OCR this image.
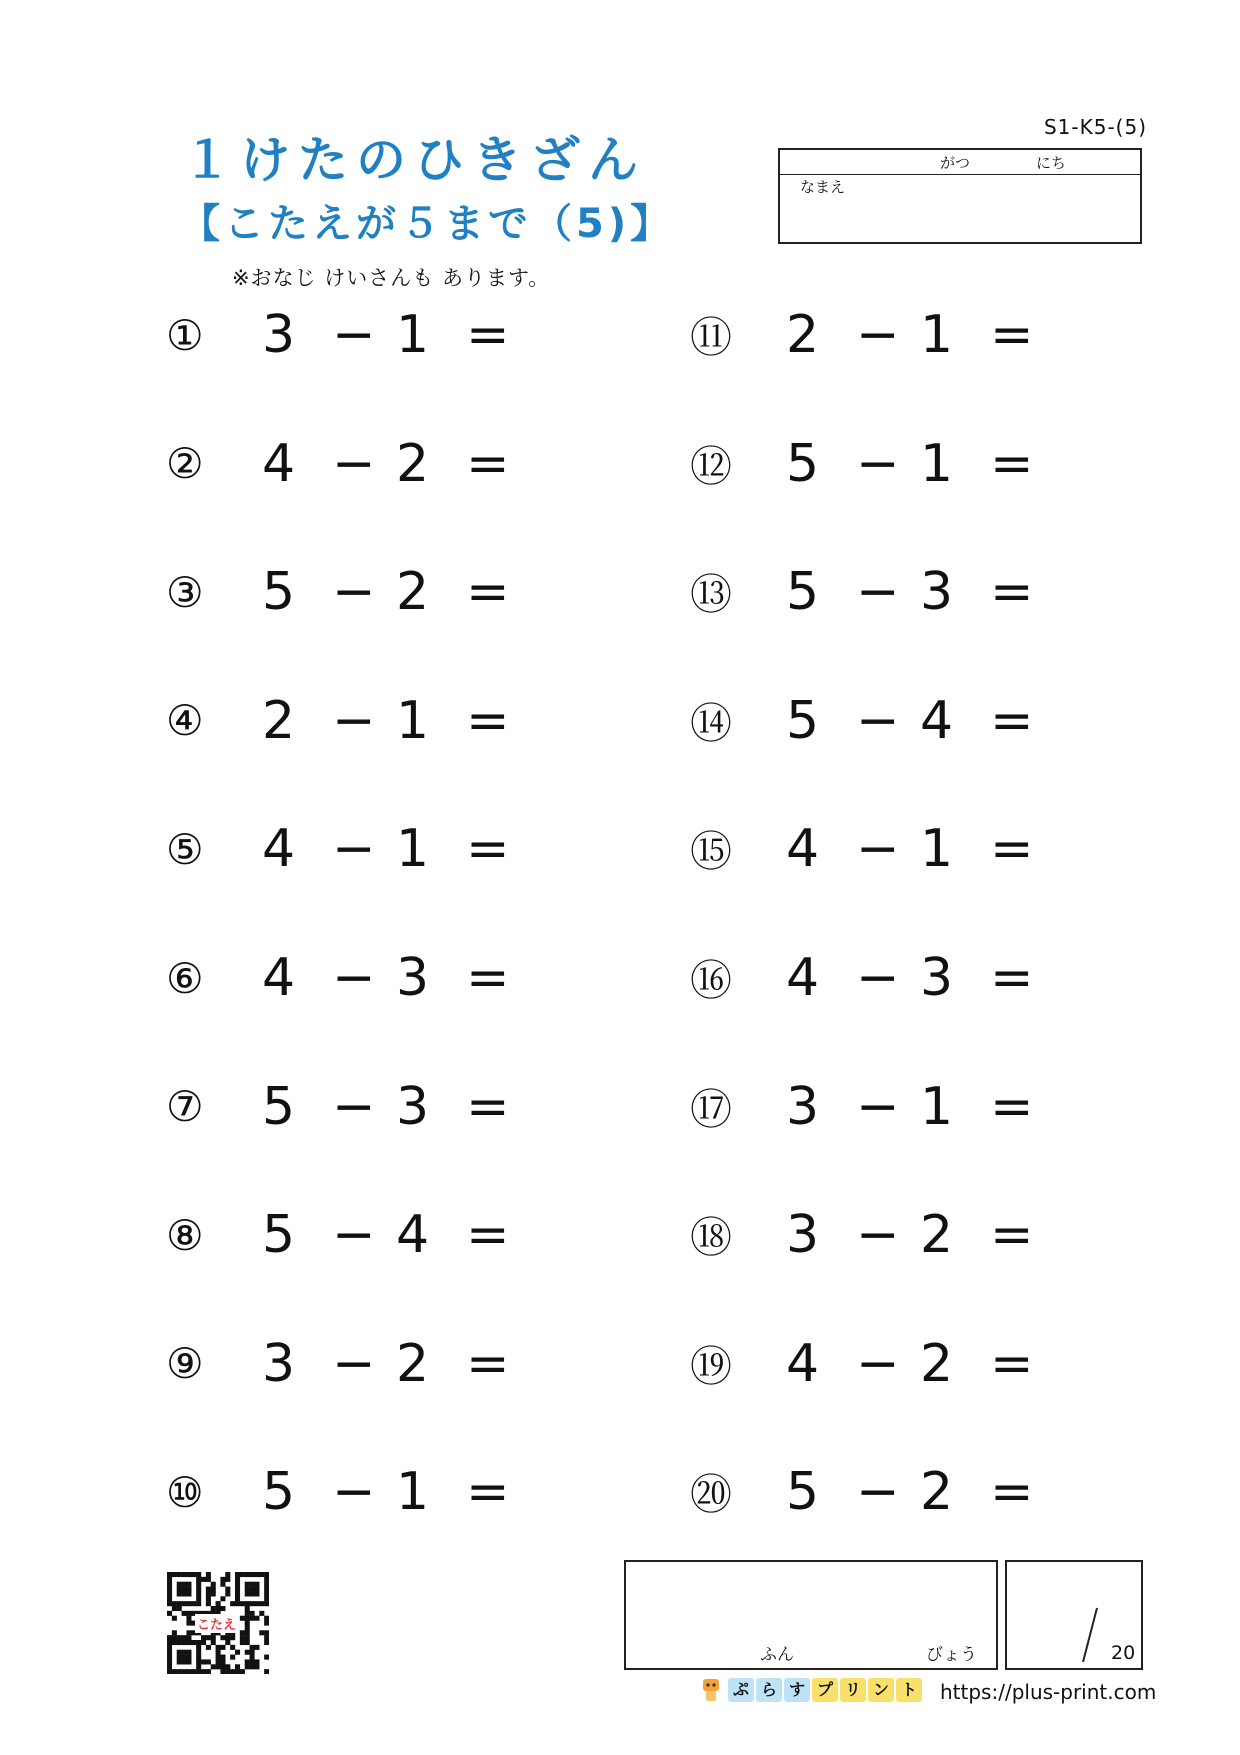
１けたのひきざん
【こたえが５まで（5)】
※おなじ けいさんも あります。
S1-K5-(5)
がつ	にち
なまえ
① 3 − 1 =
② 4 − 2 =
③ 5 − 2 =
④ 2 − 1 =
⑤ 4 − 1 =
⑥ 4 − 3 =
⑦ 5 − 3 =
⑧ 5 − 4 =
⑨ 3 − 2 =
⑩ 5 − 1 =
⑪ 2 − 1 =
⑫ 5 − 1 =
⑬ 5 − 3 =
⑭ 5 − 4 =
⑮ 4 − 1 =
⑯ 4 − 3 =
⑰ 3 − 1 =
⑱ 3 − 2 =
⑲ 4 − 2 =
⑳ 5 − 2 =
ふん	びょう	20
こたえ
ぷ ら す プ リ ン ト	https://plus-print.com
